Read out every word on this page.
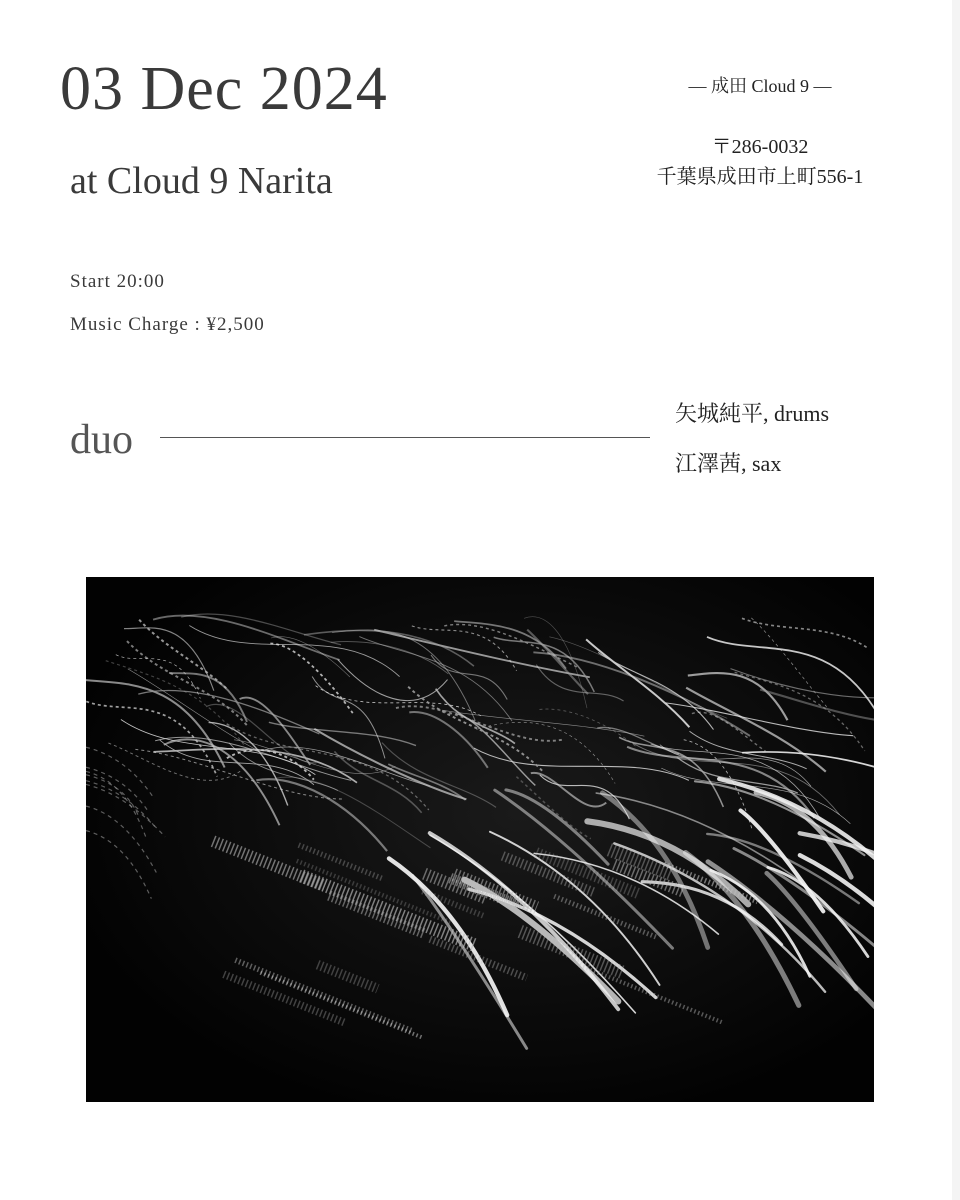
03 Dec 2024
at Cloud 9 Narita
— 成田 Cloud 9 —
〒286-0032
千葉県成田市上町556-1
Start 20:00
Music Charge : ¥2,500
duo
矢城純平, drums
江澤茜, sax
